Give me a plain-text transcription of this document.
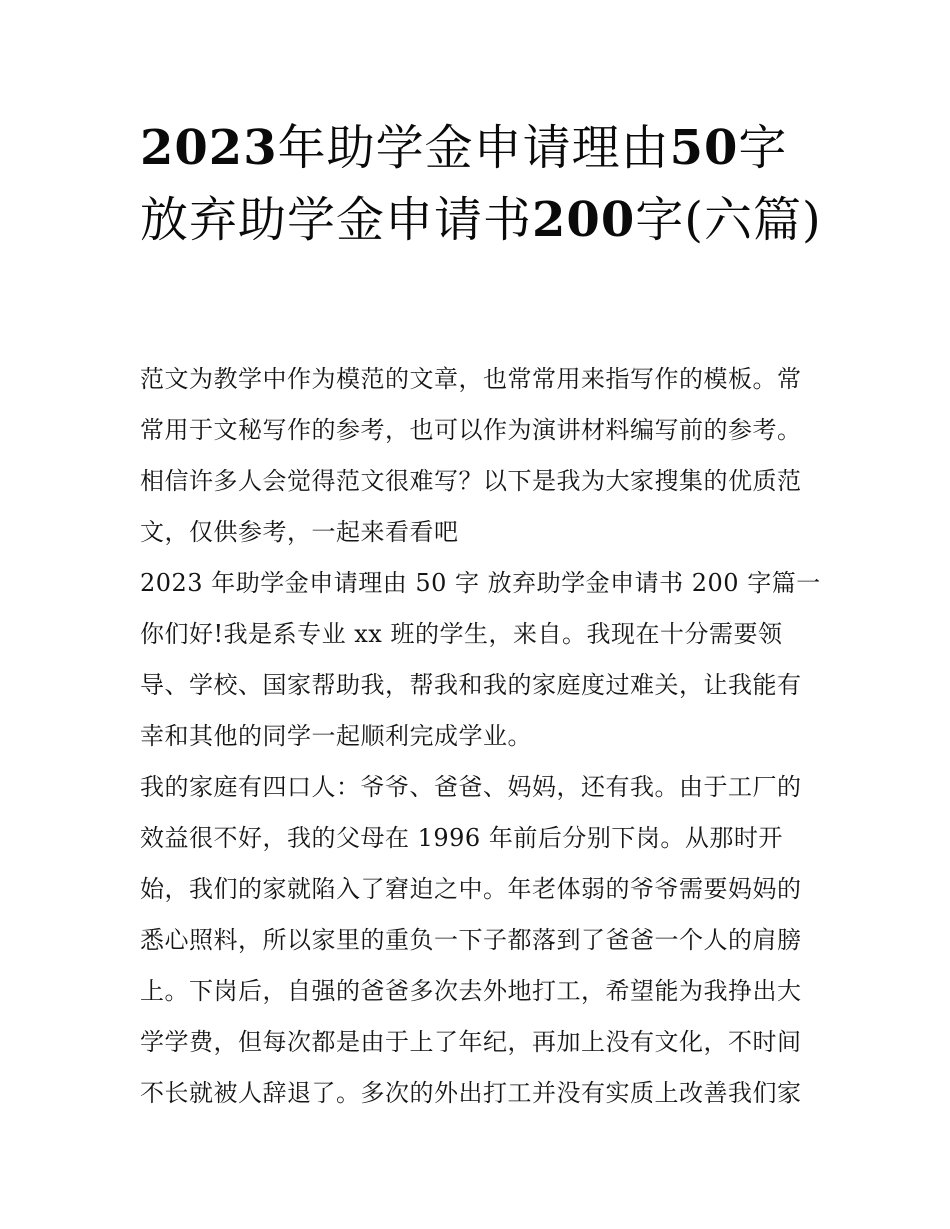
2023年助学金申请理由50字放弃助学金申请书200字(六篇)
范文为教学中作为模范的文章，也常常用来指写作的模板。常
常用于文秘写作的参考，也可以作为演讲材料编写前的参考。
相信许多人会觉得范文很难写？以下是我为大家搜集的优质范
文，仅供参考，一起来看看吧
2023 年助学金申请理由 50 字 放弃助学金申请书 200 字篇一
你们好!我是系专业 xx 班的学生，来自。我现在十分需要领
导、学校、国家帮助我，帮我和我的家庭度过难关，让我能有
幸和其他的同学一起顺利完成学业。
我的家庭有四口人：爷爷、爸爸、妈妈，还有我。由于工厂的
效益很不好，我的父母在 1996 年前后分别下岗。从那时开
始，我们的家就陷入了窘迫之中。年老体弱的爷爷需要妈妈的
悉心照料，所以家里的重负一下子都落到了爸爸一个人的肩膀
上。下岗后，自强的爸爸多次去外地打工，希望能为我挣出大
学学费，但每次都是由于上了年纪，再加上没有文化，不时间
不长就被人辞退了。多次的外出打工并没有实质上改善我们家
